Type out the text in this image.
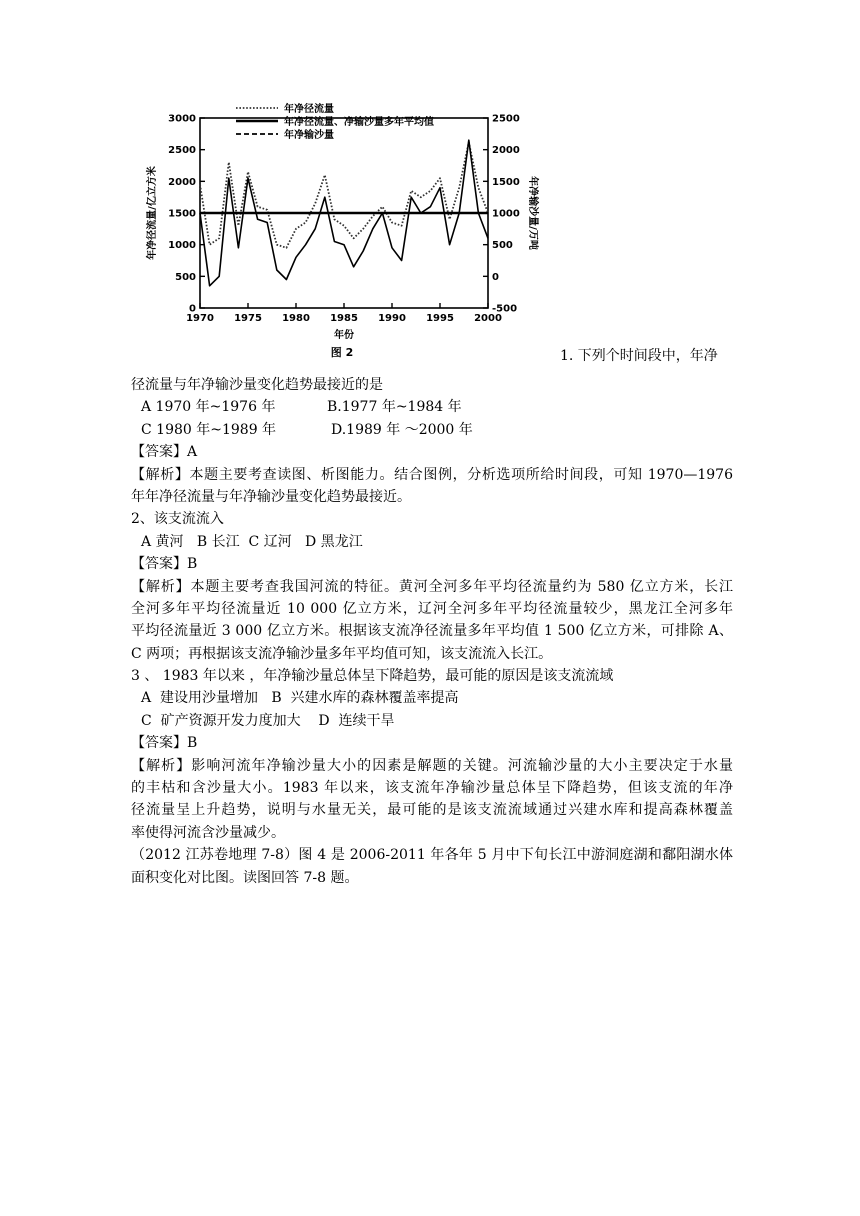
0
500
1000
1500
2000
2500
3000
-500
0
500
1000
1500
2000
2500
1970 1975 1980 1985 1990 1995 2000
年净径流量
年净径流量、净输沙量多年平均值
年净输沙量
年净径流量/亿立方米	年净输沙量/万吨
年份
图 2	1. 下列个时间段中，年净
径流量与年净输沙量变化趋势最接近的是
A 1970 年~1976 年	B.1977 年~1984 年
C 1980 年~1989 年	D.1989 年 ～2000 年
【答案】A
【解析】本题主要考查读图、析图能力。结合图例，分析选项所给时间段，可知 1970—1976
年年净径流量与年净输沙量变化趋势最接近。
2、该支流流入
A 黄河   B 长江  C 辽河   D 黑龙江
【答案】B
【解析】本题主要考查我国河流的特征。黄河全河多年平均径流量约为 580 亿立方米，长江
全河多年平均径流量近 10 000 亿立方米，辽河全河多年平均径流量较少，黑龙江全河多年
平均径流量近 3 000 亿立方米。根据该支流净径流量多年平均值 1 500 亿立方米，可排除 A、
C 两项；再根据该支流净输沙量多年平均值可知，该支流流入长江。
3 、 1983 年以来 ，年净输沙量总体呈下降趋势，最可能的原因是该支流流域
A  建设用沙量增加   B  兴建水库的森林覆盖率提高
C  矿产资源开发力度加大    D  连续干旱
【答案】B
【解析】影响河流年净输沙量大小的因素是解题的关键。河流输沙量的大小主要决定于水量
的丰枯和含沙量大小。1983 年以来，该支流年净输沙量总体呈下降趋势，但该支流的年净
径流量呈上升趋势，说明与水量无关，最可能的是该支流流域通过兴建水库和提高森林覆盖
率使得河流含沙量减少。
（2012 江苏卷地理 7-8）图 4 是 2006-2011 年各年 5 月中下旬长江中游洞庭湖和鄱阳湖水体
面积变化对比图。读图回答 7-8 题。
